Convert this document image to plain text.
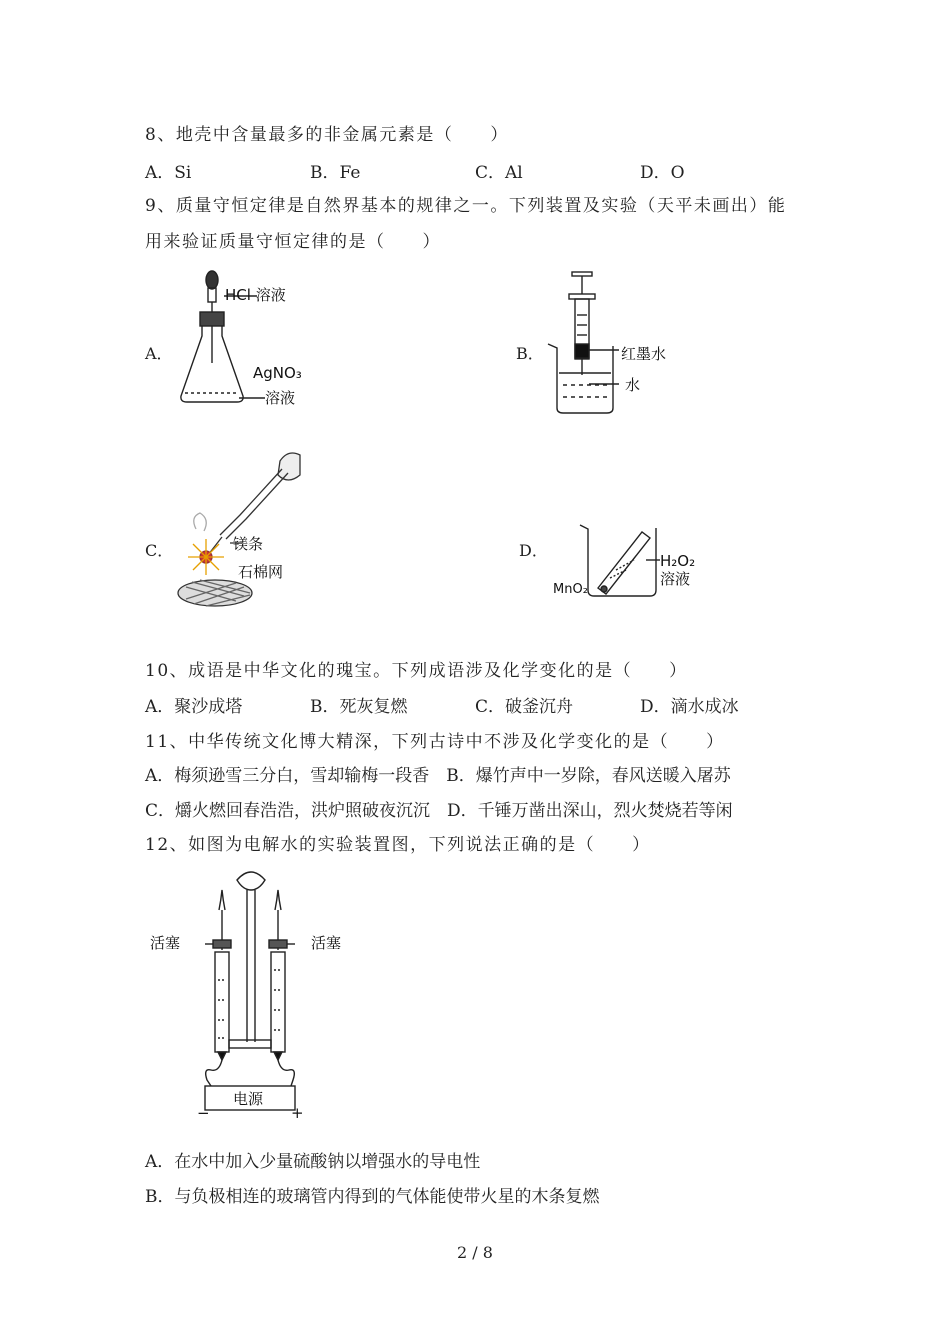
8、地壳中含量最多的非金属元素是（　　）
A．Si	B．Fe	C．Al	D．O
9、质量守恒定律是自然界基本的规律之一。下列装置及实验（天平未画出）能
用来验证质量守恒定律的是（　　）
A．	B．
C．	D．
HCl 溶液
AgNO₃
溶液
红墨水
水
镁条
石棉网
H₂O₂
溶液
MnO₂
10、成语是中华文化的瑰宝。下列成语涉及化学变化的是（　　）
A．聚沙成塔	B．死灰复燃	C．破釜沉舟	D．滴水成冰
11、中华传统文化博大精深，下列古诗中不涉及化学变化的是（　　）
A．梅须逊雪三分白，雪却输梅一段香　B．爆竹声中一岁除，春风送暖入屠苏
C．爝火燃回春浩浩，洪炉照破夜沉沉　D．千锤万凿出深山，烈火焚烧若等闲
12、如图为电解水的实验装置图，下列说法正确的是（　　）
活塞	活塞
电源
−	+
A．在水中加入少量硫酸钠以增强水的导电性
B．与负极相连的玻璃管内得到的气体能使带火星的木条复燃
2 / 8
